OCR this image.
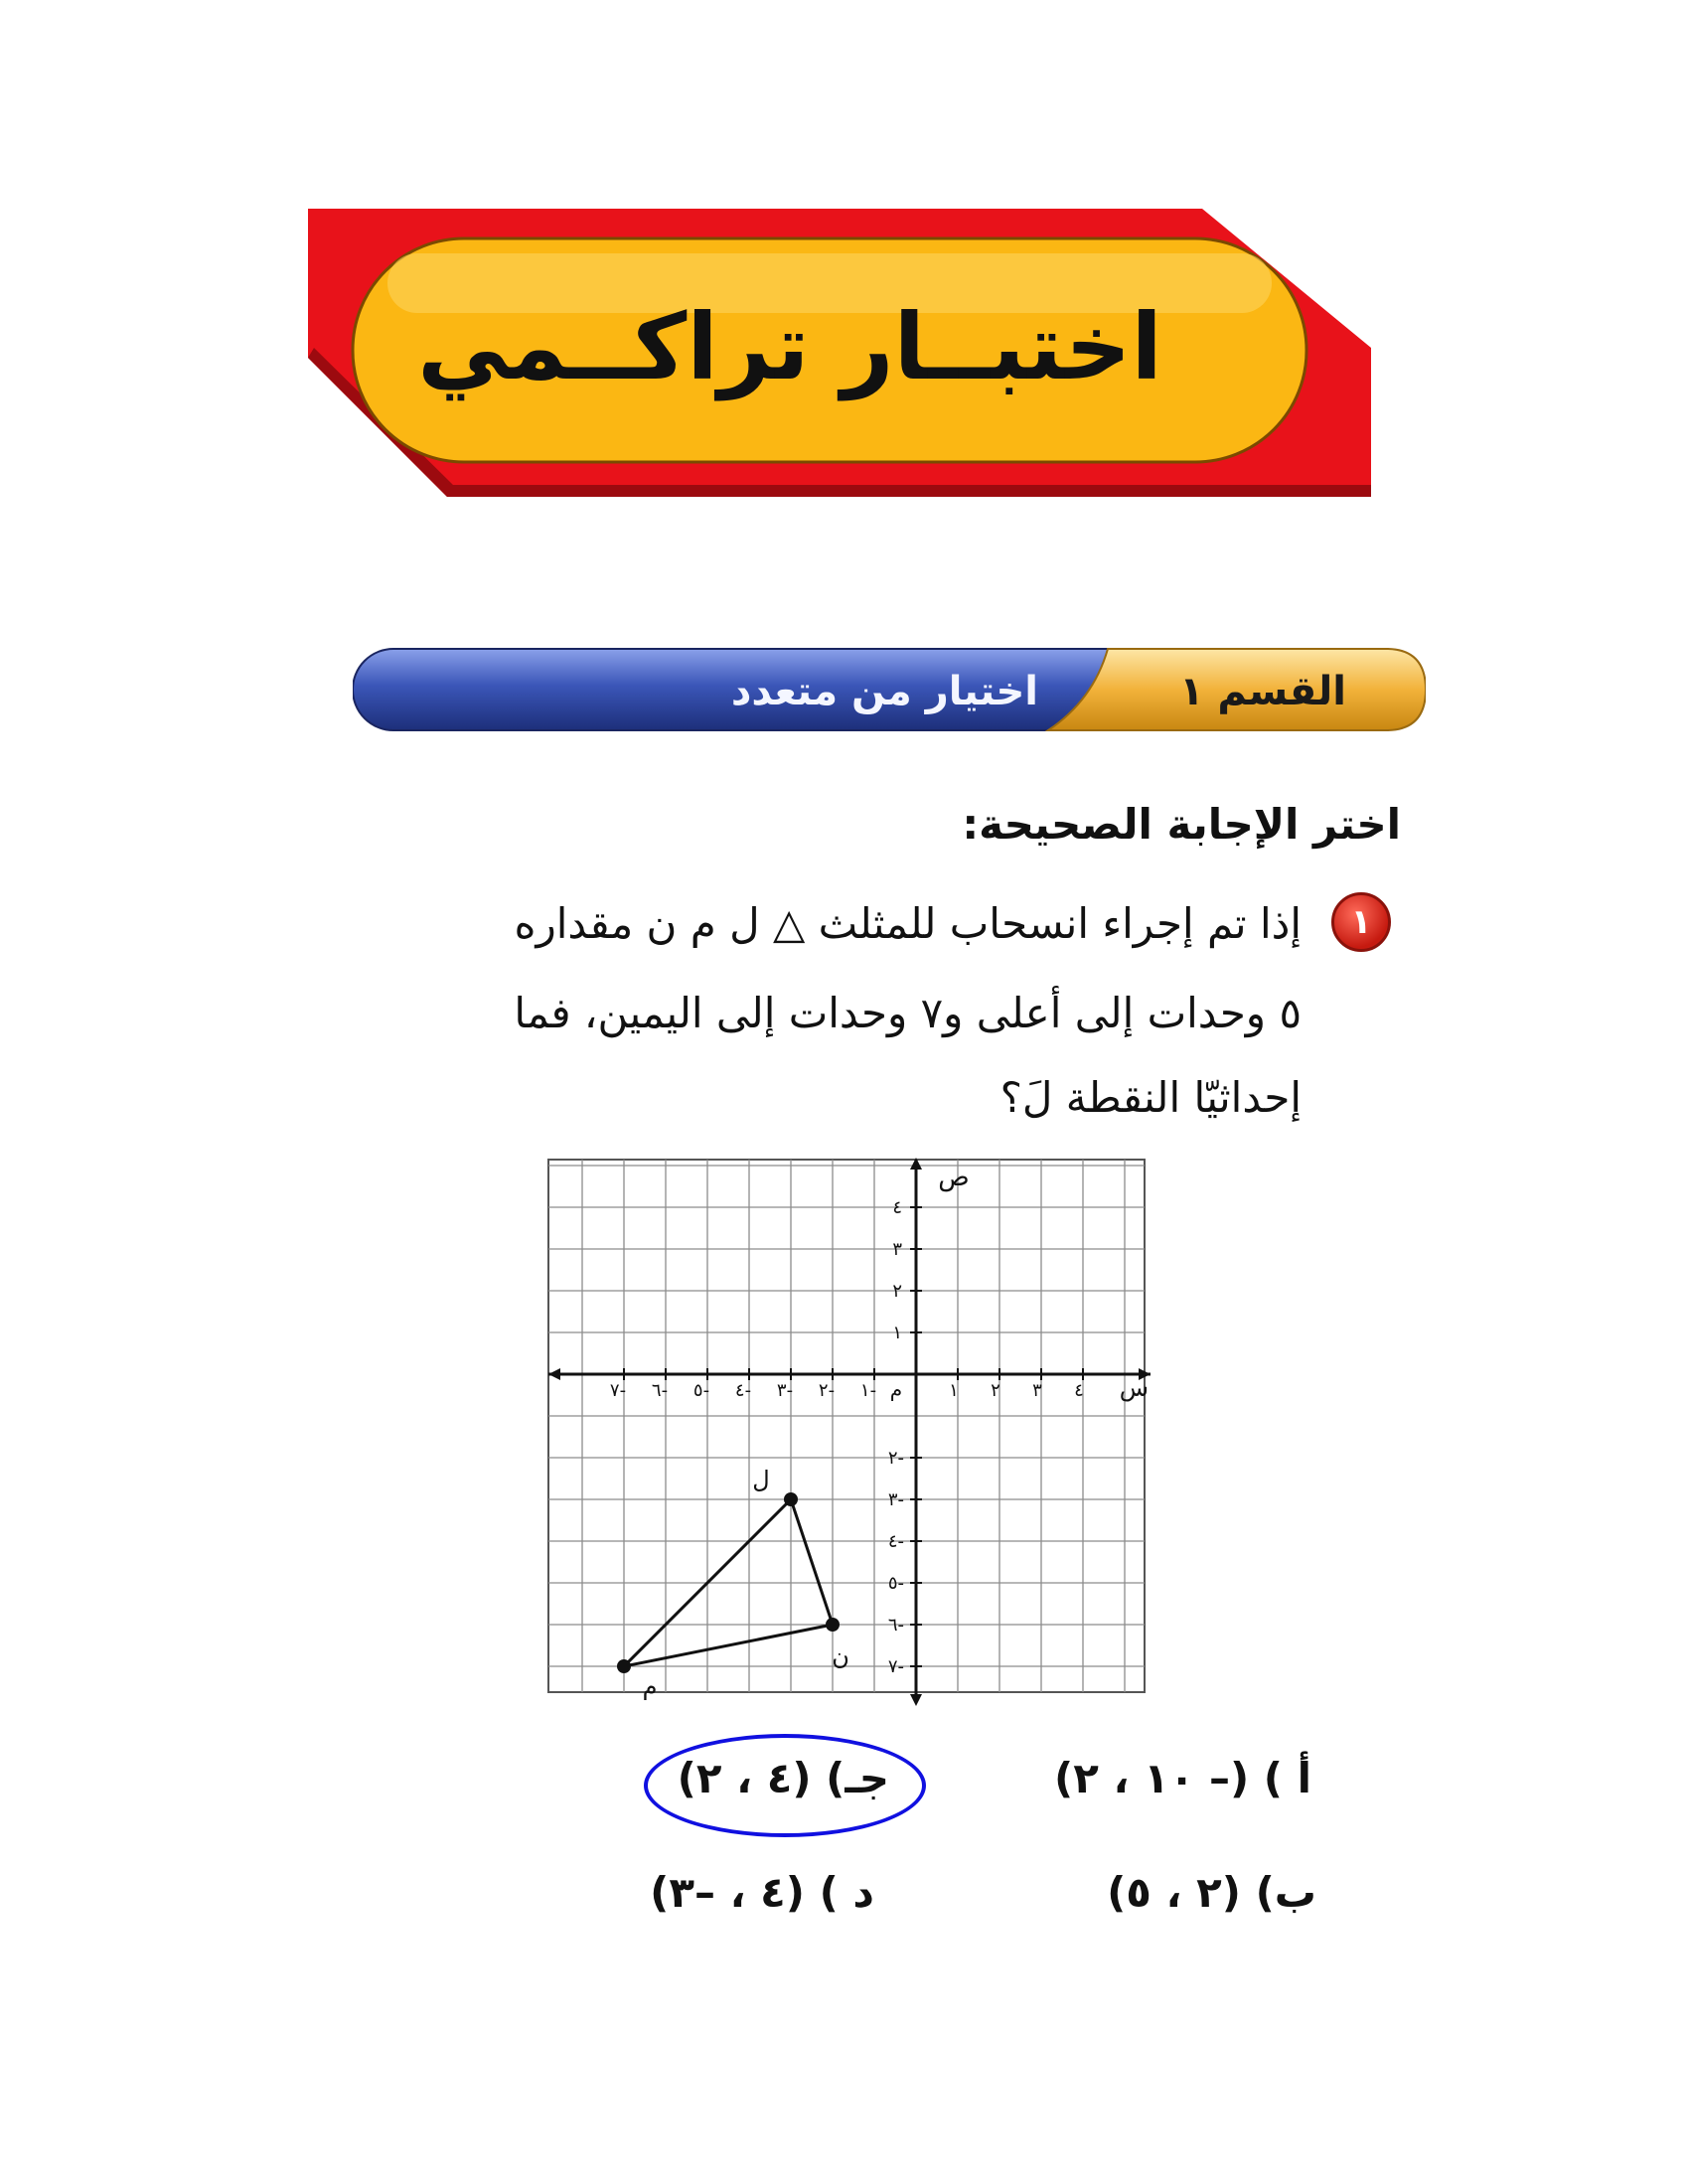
اختبــار تراكــمي
القسم ١
اختيار من متعدد
اختر الإجابة الصحيحة:
١
إذا تم إجراء انسحاب للمثلث △ ل م ن مقداره
٥ وحدات إلى أعلى و٧ وحدات إلى اليمين، فما
إحداثيّا النقطة لَ؟
ص
س
م
٧- ٦- ٥- ٤- ٣- ٢- ١-	١ ٢ ٣ ٤
١
٢
٣
٤
٢-
٣-
٤-
٥-
٦-
٧-
ل
ن
م
أ ) (– ١٠ ، ٢)
ب) (٢ ، ٥)
جـ) (٤ ، ٢)
د ) (٤ ، –٣)
